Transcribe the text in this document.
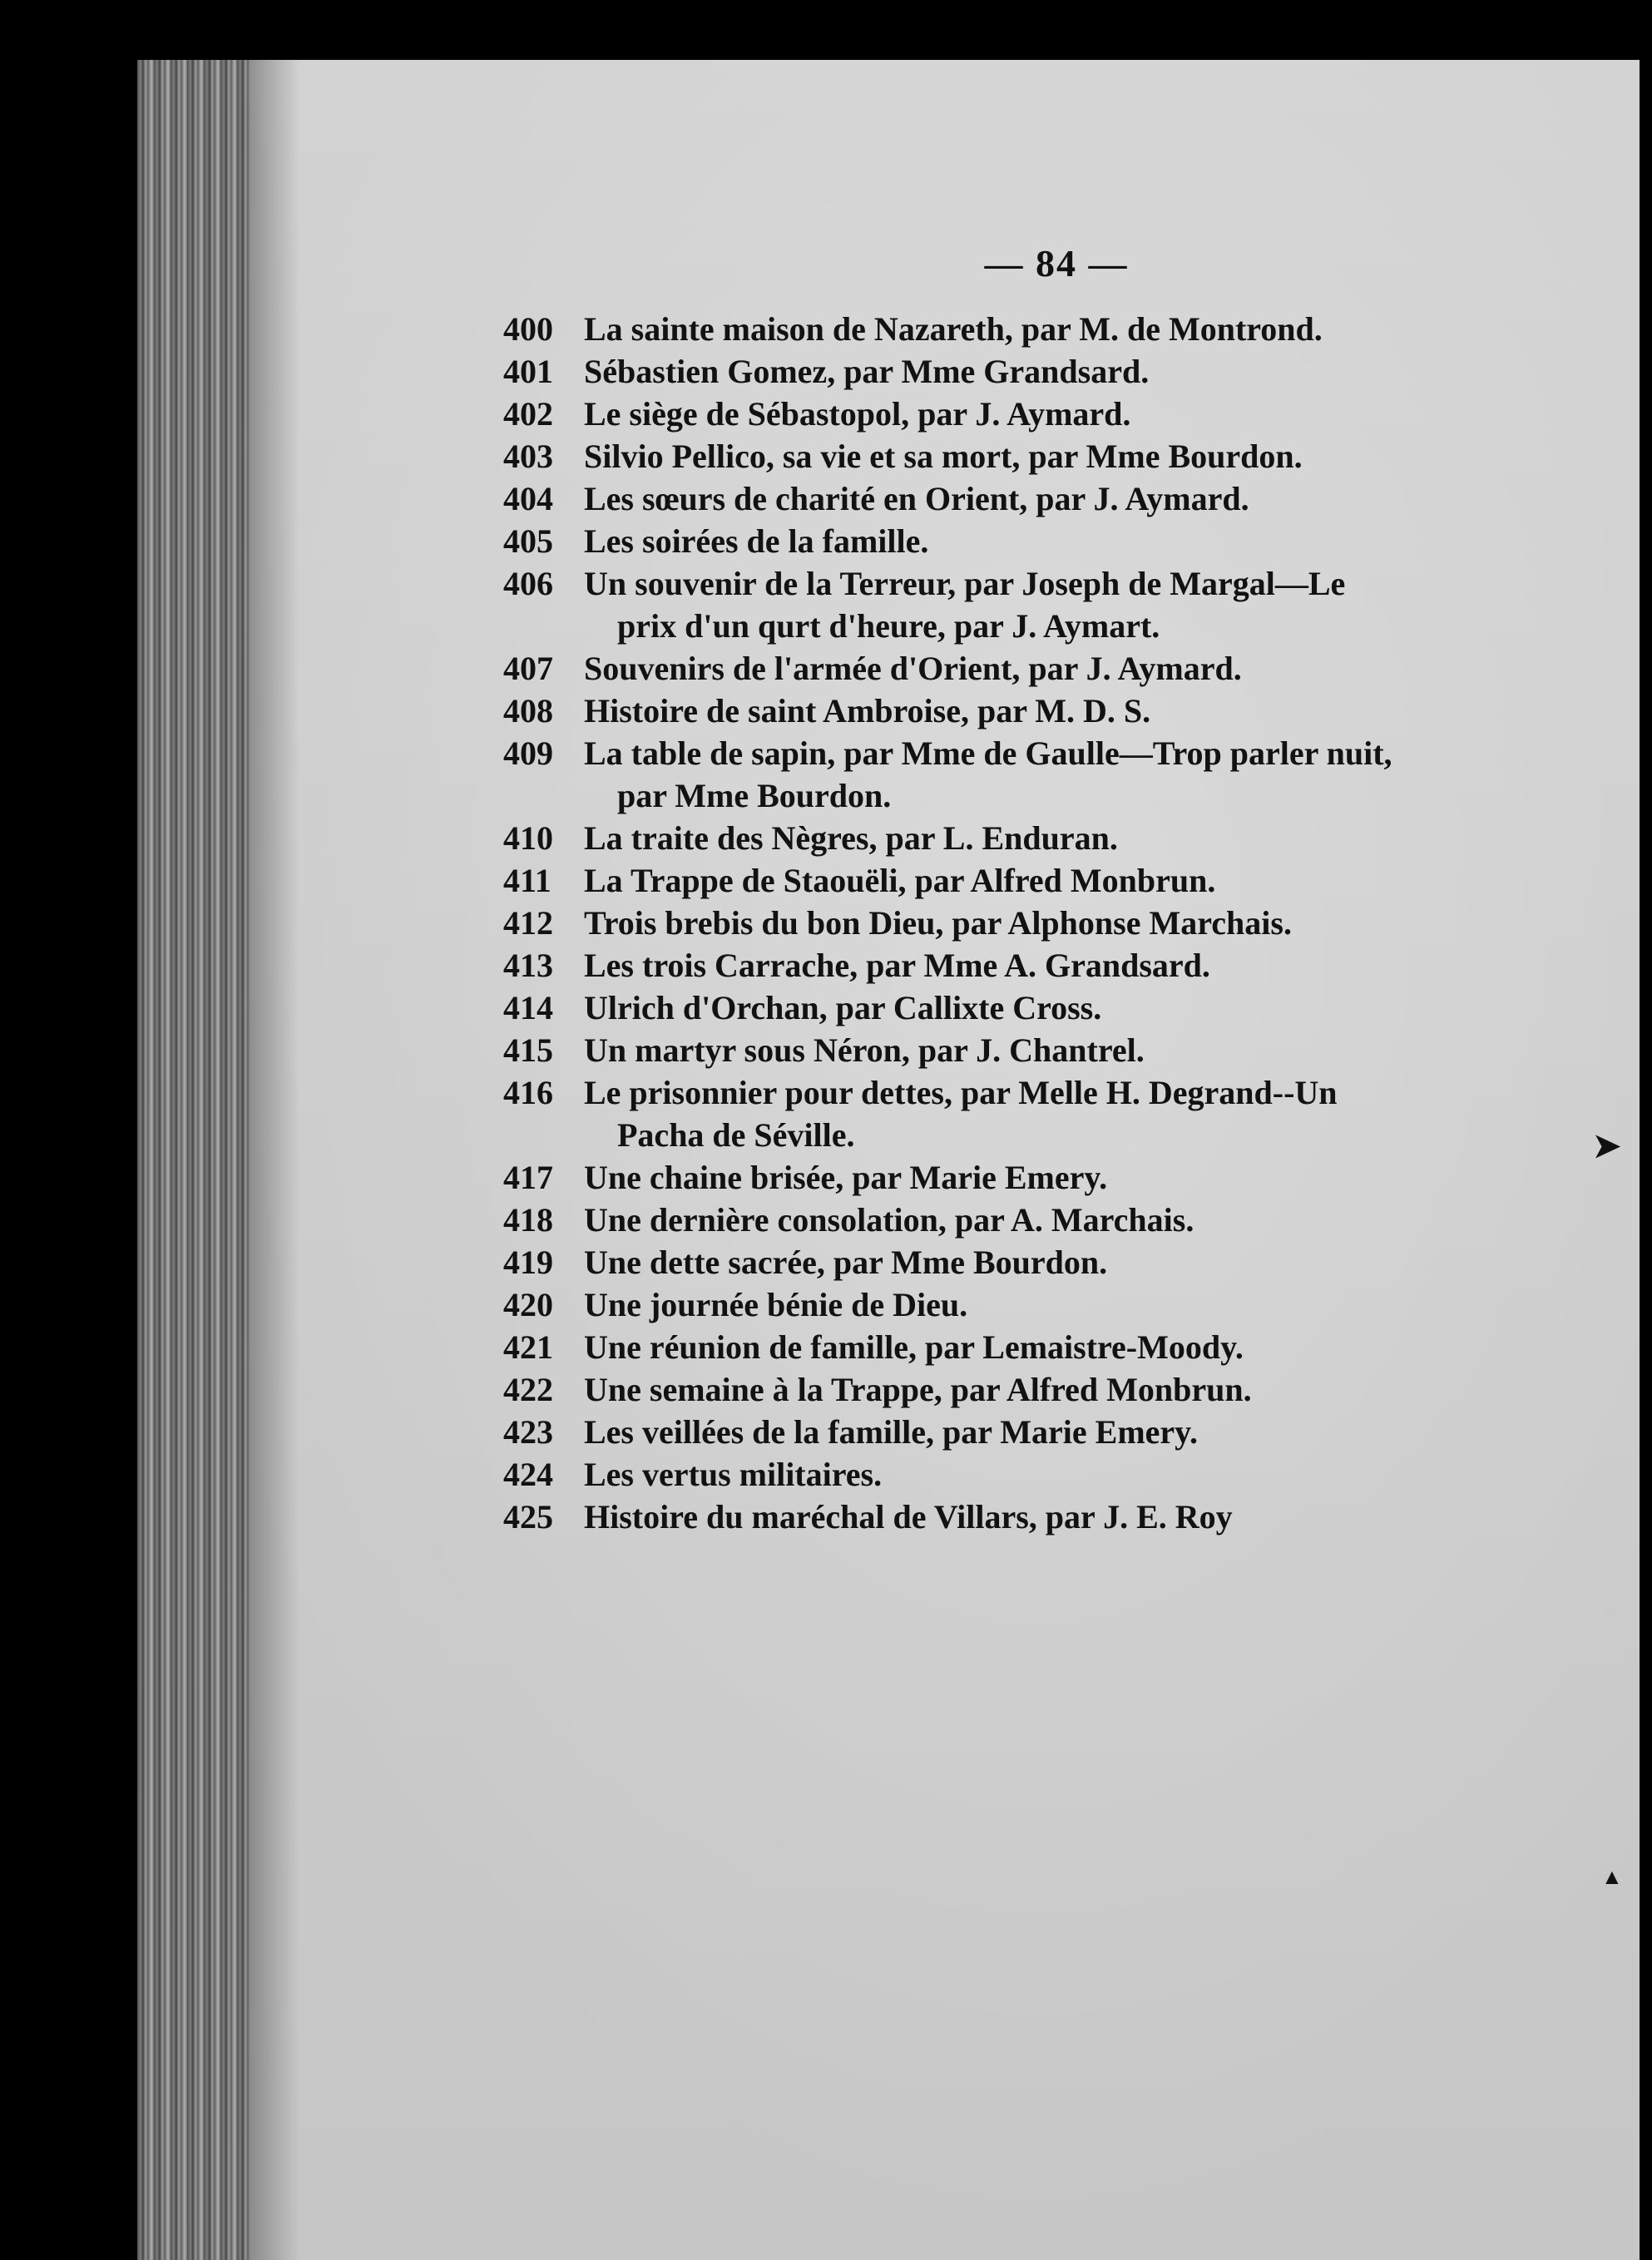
— 84 —
400 La sainte maison de Nazareth, par M. de Montrond.
401 Sébastien Gomez, par Mme Grandsard.
402 Le siège de Sébastopol, par J. Aymard.
403 Silvio Pellico, sa vie et sa mort, par Mme Bourdon.
404 Les sœurs de charité en Orient, par J. Aymard.
405 Les soirées de la famille.
406 Un souvenir de la Terreur, par Joseph de Margal—Le
prix d'un qurt d'heure, par J. Aymart.
407 Souvenirs de l'armée d'Orient, par J. Aymard.
408 Histoire de saint Ambroise, par M. D. S.
409 La table de sapin, par Mme de Gaulle—Trop parler nuit,
par Mme Bourdon.
410 La traite des Nègres, par L. Enduran.
411 La Trappe de Staouëli, par Alfred Monbrun.
412 Trois brebis du bon Dieu, par Alphonse Marchais.
413 Les trois Carrache, par Mme A. Grandsard.
414 Ulrich d'Orchan, par Callixte Cross.
415 Un martyr sous Néron, par J. Chantrel.
416 Le prisonnier pour dettes, par Melle H. Degrand--Un
Pacha de Séville.
417 Une chaine brisée, par Marie Emery.
418 Une dernière consolation, par A. Marchais.
419 Une dette sacrée, par Mme Bourdon.
420 Une journée bénie de Dieu.
421 Une réunion de famille, par Lemaistre-Moody.
422 Une semaine à la Trappe, par Alfred Monbrun.
423 Les veillées de la famille, par Marie Emery.
424 Les vertus militaires.
425 Histoire du maréchal de Villars, par J. E. Roy
➤
▲
